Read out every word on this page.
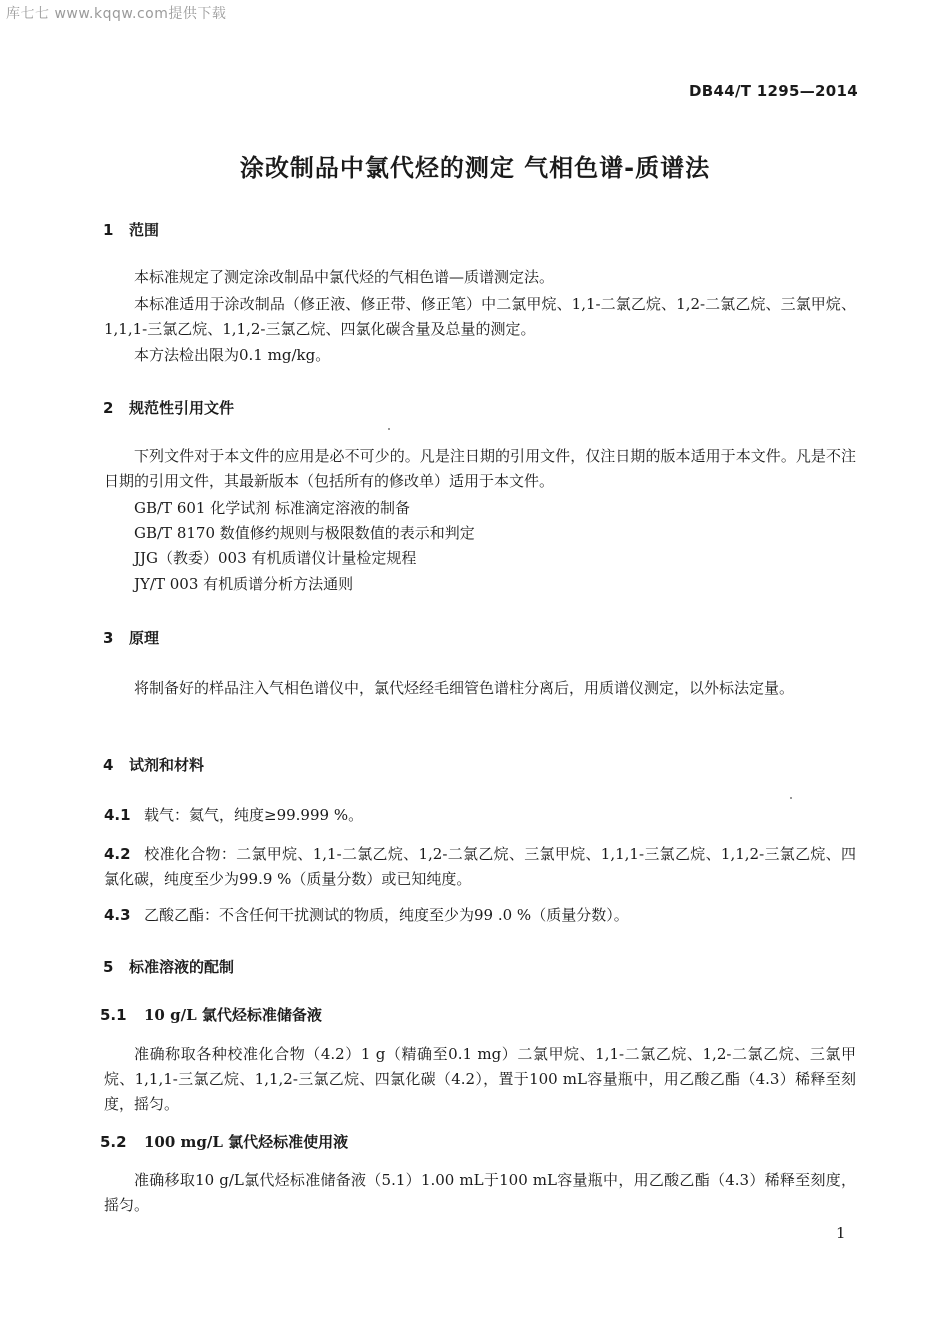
库七七 www.kqqw.com提供下载
DB44/T 1295—2014
涂改制品中氯代烃的测定 气相色谱-质谱法
1 范围
本标准规定了测定涂改制品中氯代烃的气相色谱—质谱测定法。
本标准适用于涂改制品（修正液、修正带、修正笔）中二氯甲烷、1,1-二氯乙烷、1,2-二氯乙烷、三氯甲烷、1,1,1-三氯乙烷、1,1,2-三氯乙烷、四氯化碳含量及总量的测定。
本方法检出限为0.1 mg/kg。
2 规范性引用文件
下列文件对于本文件的应用是必不可少的。凡是注日期的引用文件，仅注日期的版本适用于本文件。凡是不注日期的引用文件，其最新版本（包括所有的修改单）适用于本文件。
GB/T 601 化学试剂 标准滴定溶液的制备
GB/T 8170 数值修约规则与极限数值的表示和判定
JJG（教委）003 有机质谱仪计量检定规程
JY/T 003 有机质谱分析方法通则
3 原理
将制备好的样品注入气相色谱仪中，氯代烃经毛细管色谱柱分离后，用质谱仪测定，以外标法定量。
4 试剂和材料
4.1 载气：氦气，纯度≥99.999 %。
4.2 校准化合物：二氯甲烷、1,1-二氯乙烷、1,2-二氯乙烷、三氯甲烷、1,1,1-三氯乙烷、1,1,2-三氯乙烷、四氯化碳，纯度至少为99.9 %（质量分数）或已知纯度。
4.3 乙酸乙酯：不含任何干扰测试的物质，纯度至少为99 .0 %（质量分数）。
5 标准溶液的配制
5.1 10 g/L 氯代烃标准储备液
准确称取各种校准化合物（4.2）1 g（精确至0.1 mg）二氯甲烷、1,1-二氯乙烷、1,2-二氯乙烷、三氯甲烷、1,1,1-三氯乙烷、1,1,2-三氯乙烷、四氯化碳（4.2），置于100 mL容量瓶中，用乙酸乙酯（4.3）稀释至刻度，摇匀。
5.2 100 mg/L 氯代烃标准使用液
准确移取10 g/L氯代烃标准储备液（5.1）1.00 mL于100 mL容量瓶中，用乙酸乙酯（4.3）稀释至刻度，摇匀。
1
